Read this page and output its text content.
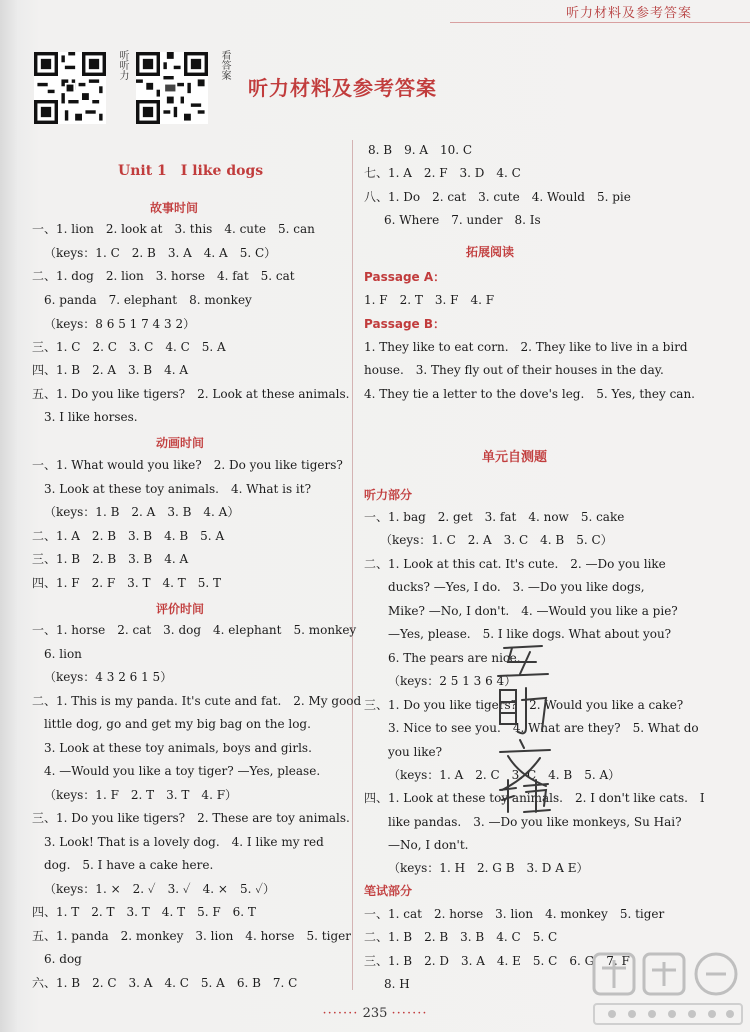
听力材料及参考答案
听听力	看答案
听力材料及参考答案
Unit 1　I like dogs
故事时间
一、1. lion　2. look at　3. this　4. cute　5. can
（keys：1. C　2. B　3. A　4. A　5. C）
二、1. dog　2. lion　3. horse　4. fat　5. cat
6. panda　7. elephant　8. monkey
（keys：8 6 5 1 7 4 3 2）
三、1. C　2. C　3. C　4. C　5. A
四、1. B　2. A　3. B　4. A
五、1. Do you like tigers?　2. Look at these animals.
3. I like horses.
动画时间
一、1. What would you like?　2. Do you like tigers?
3. Look at these toy animals.　4. What is it?
（keys：1. B　2. A　3. B　4. A）
二、1. A　2. B　3. B　4. B　5. A
三、1. B　2. B　3. B　4. A
四、1. F　2. F　3. T　4. T　5. T
评价时间
一、1. horse　2. cat　3. dog　4. elephant　5. monkey
6. lion
（keys：4 3 2 6 1 5）
二、1. This is my panda. It's cute and fat.　2. My good
little dog, go and get my big bag on the log.
3. Look at these toy animals, boys and girls.
4. —Would you like a toy tiger? —Yes, please.
（keys：1. F　2. T　3. T　4. F）
三、1. Do you like tigers?　2. These are toy animals.
3. Look! That is a lovely dog.　4. I like my red
dog.　5. I have a cake here.
（keys：1. ×　2. ✓　3. ✓　4. ×　5. ✓）
四、1. T　2. T　3. T　4. T　5. F　6. T
五、1. panda　2. monkey　3. lion　4. horse　5. tiger
6. dog
六、1. B　2. C　3. A　4. C　5. A　6. B　7. C
8. B　9. A　10. C
七、1. A　2. F　3. D　4. C
八、1. Do　2. cat　3. cute　4. Would　5. pie
6. Where　7. under　8. Is
拓展阅读
Passage A：
1. F　2. T　3. F　4. F
Passage B：
1. They like to eat corn.　2. They like to live in a bird
house.　3. They fly out of their houses in the day.
4. They tie a letter to the dove's leg.　5. Yes, they can.
单元自测题
听力部分
一、1. bag　2. get　3. fat　4. now　5. cake
（keys：1. C　2. A　3. C　4. B　5. C）
二、1. Look at this cat. It's cute.　2. —Do you like
ducks? —Yes, I do.　3. —Do you like dogs,
Mike? —No, I don't.　4. —Would you like a pie?
—Yes, please.　5. I like dogs. What about you?
6. The pears are nice.
（keys：2 5 1 3 6 4）
三、1. Do you like tigers?　2. Would you like a cake?
3. Nice to see you.　4. What are they?　5. What do
you like?
（keys：1. A　2. C　3. C　4. B　5. A）
四、1. Look at these toy animals.　2. I don't like cats.　I
like pandas.　3. —Do you like monkeys, Su Hai?
—No, I don't.
（keys：1. H　2. G B　3. D A E）
笔试部分
一、1. cat　2. horse　3. lion　4. monkey　5. tiger
二、1. B　2. B　3. B　4. C　5. C
三、1. B　2. D　3. A　4. E　5. C　6. G　7. F
8. H
······· 235 ·······
